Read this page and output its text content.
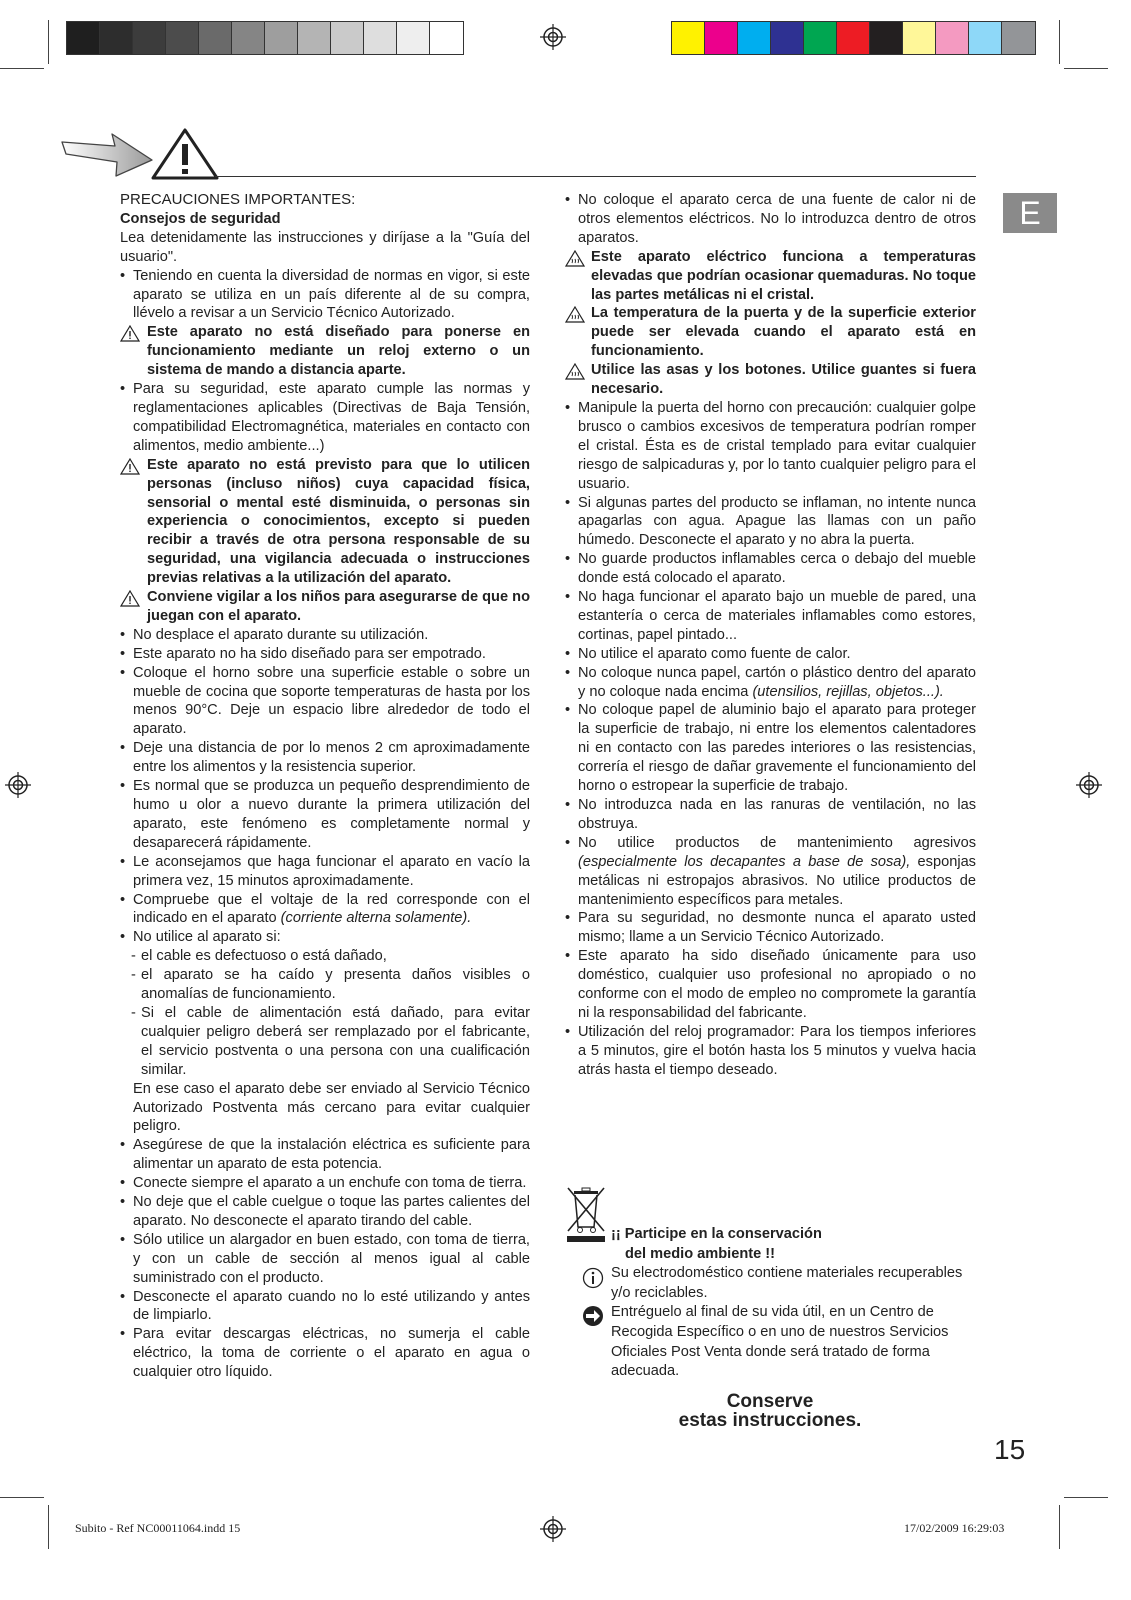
E

PRECAUCIONES IMPORTANTES:

Consejos de seguridad

Lea detenidamente las instrucciones y diríjase a la "Guía del usuario".

• Teniendo en cuenta la diversidad de normas en vigor, si este aparato se utiliza en un país diferente al de su compra, llévelo a revisar a un Servicio Técnico Autorizado.

Este aparato no está diseñado para ponerse en funcionamiento mediante un reloj externo o un sistema de mando a distancia aparte.

• Para su seguridad, este aparato cumple las normas y reglamentaciones aplicables (Directivas de Baja Tensión, compatibilidad Electromagnética, materiales en contacto con alimentos, medio ambiente...)

Este aparato no está previsto para que lo utilicen personas (incluso niños) cuya capacidad física, sensorial o mental esté disminuida, o personas sin experiencia o conocimientos, excepto si pueden recibir a través de otra persona responsable de su seguridad, una vigilancia adecuada o instrucciones previas relativas a la utilización del aparato.

Conviene vigilar a los niños para asegurarse de que no juegan con el aparato.

• No desplace el aparato durante su utilización.

• Este aparato no ha sido diseñado para ser empotrado.

• Coloque el horno sobre una superficie estable o sobre un mueble de cocina que soporte temperaturas de hasta por los menos 90°C. Deje un espacio libre alrededor de todo el aparato.

• Deje una distancia de por lo menos 2 cm aproximadamente entre los alimentos y la resistencia superior.

• Es normal que se produzca un pequeño desprendimiento de humo u olor a nuevo durante la primera utilización del aparato, este fenómeno es completamente normal y desaparecerá rápidamente.

• Le aconsejamos que haga funcionar el aparato en vacío la primera vez, 15 minutos aproximadamente.

• Compruebe que el voltaje de la red corresponde con el indicado en el aparato (corriente alterna solamente).

• No utilice al aparato si:

- el cable es defectuoso o está dañado,

- el aparato se ha caído y presenta daños visibles o anomalías de funcionamiento.

- Si el cable de alimentación está dañado, para evitar cualquier peligro deberá ser remplazado por el fabricante, el servicio postventa o una persona con una cualificación similar.

En ese caso el aparato debe ser enviado al Servicio Técnico Autorizado Postventa más cercano para evitar cualquier peligro.

• Asegúrese de que la instalación eléctrica es suficiente para alimentar un aparato de esta potencia.

• Conecte siempre el aparato a un enchufe con toma de tierra.

• No deje que el cable cuelgue o toque las partes calientes del aparato. No desconecte el aparato tirando del cable.

• Sólo utilice un alargador en buen estado, con toma de tierra, y con un cable de sección al menos igual al cable suministrado con el producto.

• Desconecte el aparato cuando no lo esté utilizando y antes de limpiarlo.

• Para evitar descargas eléctricas, no sumerja el cable eléctrico, la toma de corriente o el aparato en agua o cualquier otro líquido.

• No coloque el aparato cerca de una fuente de calor ni de otros elementos eléctricos. No lo introduzca dentro de otros aparatos.

Este aparato eléctrico funciona a temperaturas elevadas que podrían ocasionar quemaduras. No toque las partes metálicas ni el cristal.

La temperatura de la puerta y de la superficie exterior puede ser elevada cuando el aparato está en funcionamiento.

Utilice las asas y los botones. Utilice guantes si fuera necesario.

• Manipule la puerta del horno con precaución: cualquier golpe brusco o cambios excesivos de temperatura podrían romper el cristal. Ésta es de cristal templado para evitar cualquier riesgo de salpicaduras y, por lo tanto cualquier peligro para el usuario.

• Si algunas partes del producto se inflaman, no intente nunca apagarlas con agua. Apague las llamas con un paño húmedo. Desconecte el aparato y no abra la puerta.

• No guarde productos inflamables cerca o debajo del mueble donde está colocado el aparato.

• No haga funcionar el aparato bajo un mueble de pared, una estantería o cerca de materiales inflamables como estores, cortinas, papel pintado...

• No utilice el aparato como fuente de calor.

• No coloque nunca papel, cartón o plástico dentro del aparato y no coloque nada encima (utensilios, rejillas, objetos...).

• No coloque papel de aluminio bajo el aparato para proteger la superficie de trabajo, ni entre los elementos calentadores ni en contacto con las paredes interiores o las resistencias, correría el riesgo de dañar gravemente el funcionamiento del horno o estropear la superficie de trabajo.

• No introduzca nada en las ranuras de ventilación, no las obstruya.

• No utilice productos de mantenimiento agresivos (especialmente los decapantes a base de sosa), esponjas metálicas ni estropajos abrasivos. No utilice productos de mantenimiento específicos para metales.

• Para su seguridad, no desmonte nunca el aparato usted mismo; llame a un Servicio Técnico Autorizado.

• Este aparato ha sido diseñado únicamente para uso doméstico, cualquier uso profesional no apropiado o no conforme con el modo de empleo no compromete la garantía ni la responsabilidad del fabricante.

• Utilización del reloj programador: Para los tiempos inferiores a 5 minutos, gire el botón hasta los 5 minutos y vuelva hacia atrás hasta el tiempo deseado.

¡¡ Participe en la conservación
del medio ambiente !!

Su electrodoméstico contiene materiales recuperables y/o reciclables.

Entréguelo al final de su vida útil, en un Centro de Recogida Específico o en uno de nuestros Servicios Oficiales Post Venta donde será tratado de forma adecuada.

Conserve
estas instrucciones.
15
Subito - Ref NC00011064.indd 15	17/02/2009 16:29:03
